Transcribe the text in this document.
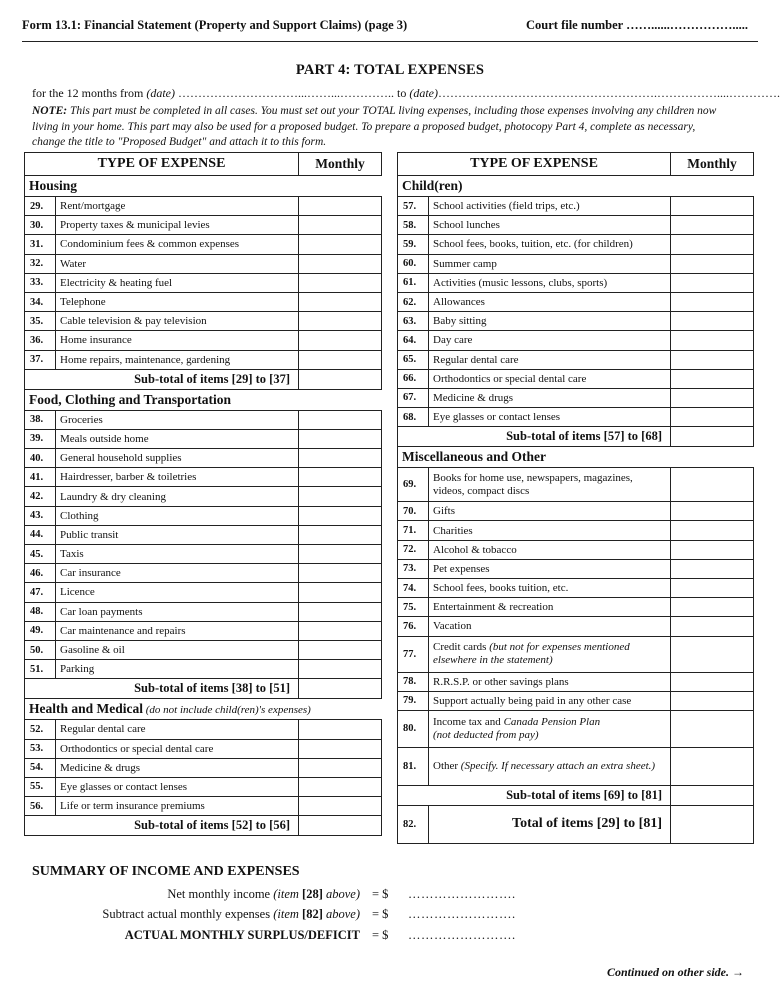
Form 13.1: Financial Statement (Property and Support Claims) (page 3)	Court file number ……......…………….....
PART 4: TOTAL EXPENSES
for the 12 months from (date) …………………………...……...………….. to (date)……………………………………………….……………....………….
NOTE: This part must be completed in all cases. You must set out your TOTAL living expenses, including those expenses involving any children now living in your home. This part may also be used for a proposed budget. To prepare a proposed budget, photocopy Part 4, complete as necessary, change the title to "Proposed Budget" and attach it to this form.
TYPE OF EXPENSE		Monthly
Housing		
29.	Rent/mortgage	
30.	Property taxes & municipal levies	
31.	Condominium fees & common expenses	
32.	Water	
33.	Electricity & heating fuel	
34.	Telephone	
35.	Cable television & pay television	
36.	Home insurance	
37.	Home repairs, maintenance, gardening	
Sub-total of items [29] to [37]		
Food, Clothing and Transportation		
38.	Groceries	
39.	Meals outside home	
40.	General household supplies	
41.	Hairdresser, barber & toiletries	
42.	Laundry & dry cleaning	
43.	Clothing	
44.	Public transit	
45.	Taxis	
46.	Car insurance	
47.	Licence	
48.	Car loan payments	
49.	Car maintenance and repairs	
50.	Gasoline & oil	
51.	Parking	
Sub-total of items [38] to [51]		
Health and Medical (do not include child(ren)'s expenses)		
52.	Regular dental care	
53.	Orthodontics or special dental care	
54.	Medicine & drugs	
55.	Eye glasses or contact lenses	
56.	Life or term insurance premiums	
Sub-total of items [52] to [56]		
TYPE OF EXPENSE		Monthly
Child(ren)		
57.	School activities (field trips, etc.)	
58.	School lunches	
59.	School fees, books, tuition, etc. (for children)	
60.	Summer camp	
61.	Activities (music lessons, clubs, sports)	
62.	Allowances	
63.	Baby sitting	
64.	Day care	
65.	Regular dental care	
66.	Orthodontics or special dental care	
67.	Medicine & drugs	
68.	Eye glasses or contact lenses	
Sub-total of items [57] to [68]		
Miscellaneous and Other		
69.	Books for home use, newspapers, magazines, videos, compact discs	
70.	Gifts	
71.	Charities	
72.	Alcohol & tobacco	
73.	Pet expenses	
74.	School fees, books tuition, etc.	
75.	Entertainment & recreation	
76.	Vacation	
77.	Credit cards (but not for expenses mentioned elsewhere in the statement)	
78.	R.R.S.P. or other savings plans	
79.	Support actually being paid in any other case	
80.	Income tax and Canada Pension Plan
(not deducted from pay)	
81.	Other (Specify. If necessary attach an extra sheet.)	
Sub-total of items [69] to [81]		
82.	Total of items [29] to [81]	
SUMMARY OF INCOME AND EXPENSES
Net monthly income (item [28] above) = $ …………………….
Subtract actual monthly expenses (item [82] above) = $ …………………….
ACTUAL MONTHLY SURPLUS/DEFICIT = $ …………………….
Continued on other side. →
